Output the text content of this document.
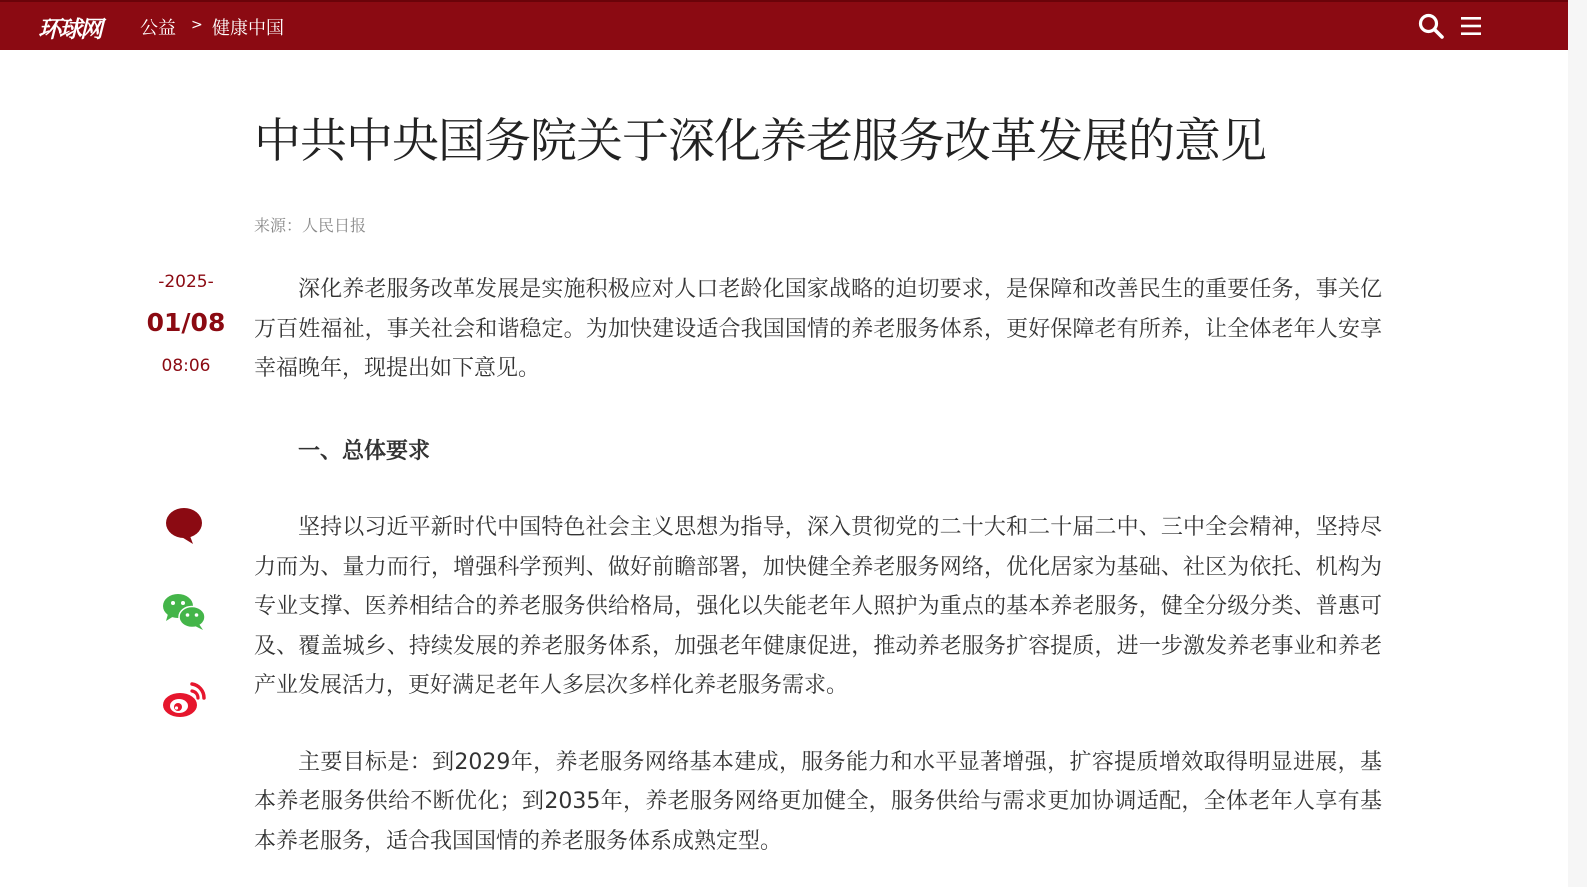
环球网 公益 > 健康中国
中共中央国务院关于深化养老服务改革发展的意见
来源：人民日报
-2025-
01/08
08:06

深化养老服务改革发展是实施积极应对人口老龄化国家战略的迫切要求，是保障和改善民生的重要任务，事关亿万百姓福祉，事关社会和谐稳定。为加快建设适合我国国情的养老服务体系，更好保障老有所养，让全体老年人安享幸福晚年，现提出如下意见。

一、总体要求

坚持以习近平新时代中国特色社会主义思想为指导，深入贯彻党的二十大和二十届二中、三中全会精神，坚持尽力而为、量力而行，增强科学预判、做好前瞻部署，加快健全养老服务网络，优化居家为基础、社区为依托、机构为专业支撑、医养相结合的养老服务供给格局，强化以失能老年人照护为重点的基本养老服务，健全分级分类、普惠可及、覆盖城乡、持续发展的养老服务体系，加强老年健康促进，推动养老服务扩容提质，进一步激发养老事业和养老产业发展活力，更好满足老年人多层次多样化养老服务需求。

主要目标是：到2029年，养老服务网络基本建成，服务能力和水平显著增强，扩容提质增效取得明显进展，基本养老服务供给不断优化；到2035年，养老服务网络更加健全，服务供给与需求更加协调适配，全体老年人享有基本养老服务，适合我国国情的养老服务体系成熟定型。
